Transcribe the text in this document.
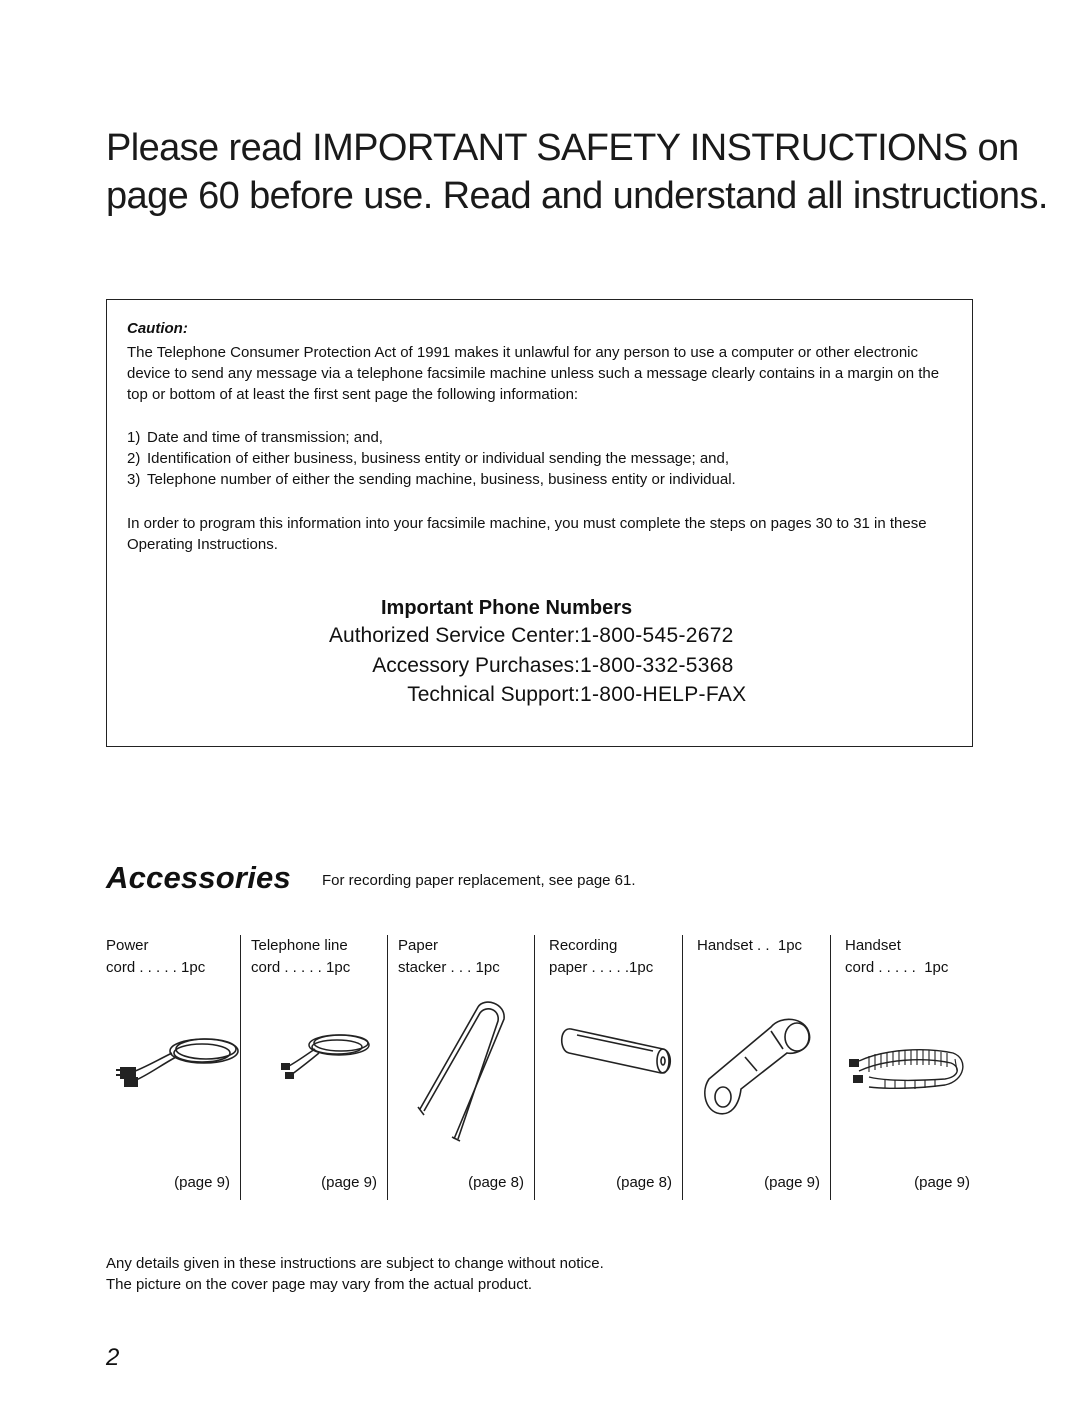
Please read IMPORTANT SAFETY INSTRUCTIONS on
page 60 before use. Read and understand all instructions.
Caution:
The Telephone Consumer Protection Act of 1991 makes it unlawful for any person to use a computer or other electronic device to send any message via a telephone facsimile machine unless such a message clearly contains in a margin on the top or bottom of at least the first sent page the following information:
1) Date and time of transmission; and,
2) Identification of either business, business entity or individual sending the message; and,
3) Telephone number of either the sending machine, business, business entity or individual.
In order to program this information into your facsimile machine, you must complete the steps on pages 30 to 31 in these Operating Instructions.
Important Phone Numbers
Authorized Service Center: 1-800-545-2672
Accessory Purchases: 1-800-332-5368
Technical Support: 1-800-HELP-FAX
Accessories For recording paper replacement, see page 61.
Power
cord . . . . . 1pc
(page 9)
Telephone line
cord . . . . . 1pc
(page 9)
Paper
stacker . . . 1pc
(page 8)
Recording
paper . . . . .1pc
(page 8)
Handset . .  1pc
(page 9)
Handset
cord . . . . .  1pc
(page 9)
Any details given in these instructions are subject to change without notice.
The picture on the cover page may vary from the actual product.
2
